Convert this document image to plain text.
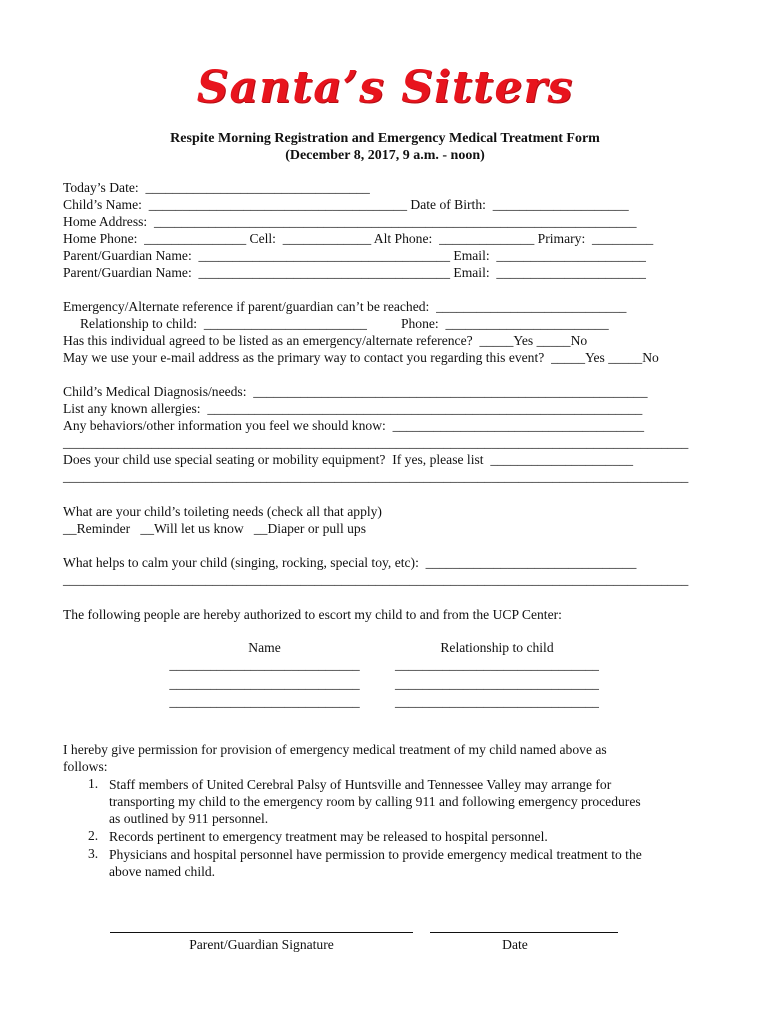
Santa’s Sitters
Respite Morning Registration and Emergency Medical Treatment Form
(December 8, 2017, 9 a.m. - noon)
Today’s Date:  _________________________________
Child’s Name:  ______________________________________ Date of Birth:  ____________________
Home Address:  _______________________________________________________________________
Home Phone:  _______________ Cell:  _____________ Alt Phone:  ______________ Primary:  _________
Parent/Guardian Name:  _____________________________________ Email:  ______________________
Parent/Guardian Name:  _____________________________________ Email:  ______________________
Emergency/Alternate reference if parent/guardian can’t be reached:  ____________________________
Relationship to child:  ________________________          Phone:  ________________________
Has this individual agreed to be listed as an emergency/alternate reference?  _____Yes _____No
May we use your e-mail address as the primary way to contact you regarding this event?  _____Yes _____No
Child’s Medical Diagnosis/needs:  __________________________________________________________
List any known allergies:  ________________________________________________________________
Any behaviors/other information you feel we should know:  _____________________________________
____________________________________________________________________________________________
Does your child use special seating or mobility equipment?  If yes, please list  _____________________
____________________________________________________________________________________________
What are your child’s toileting needs (check all that apply)
__Reminder   __Will let us know   __Diaper or pull ups
What helps to calm your child (singing, rocking, special toy, etc):  _______________________________
____________________________________________________________________________________________
The following people are hereby authorized to escort my child to and from the UCP Center:
Name	Relationship to child
____________________________	______________________________
____________________________	______________________________
____________________________	______________________________
I hereby give permission for provision of emergency medical treatment of my child named above as
follows:
1. Staff members of United Cerebral Palsy of Huntsville and Tennessee Valley may arrange for
transporting my child to the emergency room by calling 911 and following emergency procedures
as outlined by 911 personnel.
2. Records pertinent to emergency treatment may be released to hospital personnel.
3. Physicians and hospital personnel have permission to provide emergency medical treatment to the
above named child.
Parent/Guardian Signature	Date
